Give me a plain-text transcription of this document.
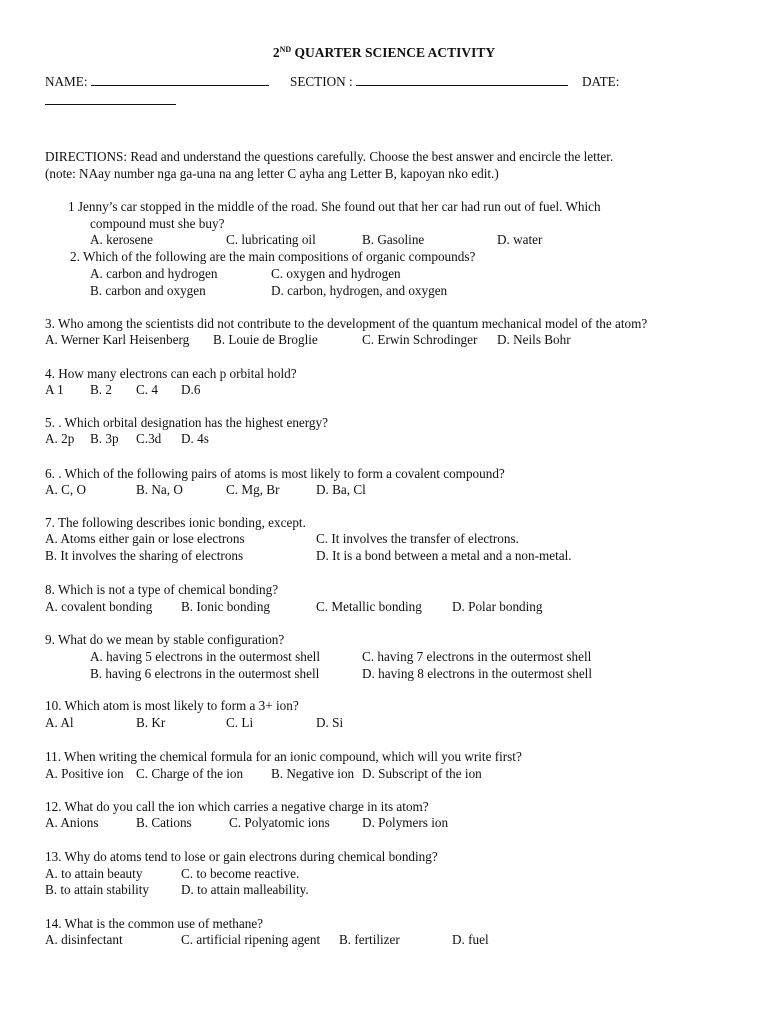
2ND QUARTER SCIENCE ACTIVITY
NAME:	SECTION :	DATE:
DIRECTIONS: Read and understand the questions carefully. Choose the best answer and encircle the letter.
(note: NAay number nga ga-una na ang letter C ayha ang Letter B, kapoyan nko edit.)
1 Jenny’s car stopped in the middle of the road. She found out that her car had run out of fuel. Which
compound must she buy?
A. kerosene	C. lubricating oil	B. Gasoline	D. water
2. Which of the following are the main compositions of organic compounds?
A. carbon and hydrogen	C. oxygen and hydrogen
B. carbon and oxygen	D. carbon, hydrogen, and oxygen
3. Who among the scientists did not contribute to the development of the quantum mechanical model of the atom?
A. Werner Karl Heisenberg B. Louie de Broglie	C. Erwin Schrodinger D. Neils Bohr
4. How many electrons can each p orbital hold?
A 1 B. 2 C. 4 D.6
5. . Which orbital designation has the highest energy?
A. 2p B. 3p C.3d D. 4s
6. . Which of the following pairs of atoms is most likely to form a covalent compound?
A. C, O	B. Na, O	C. Mg, Br	D. Ba, Cl
7. The following describes ionic bonding, except.
A. Atoms either gain or lose electrons	C. It involves the transfer of electrons.
B. It involves the sharing of electrons	D. It is a bond between a metal and a non-metal.
8. Which is not a type of chemical bonding?
A. covalent bonding B. Ionic bonding	C. Metallic bonding D. Polar bonding
9. What do we mean by stable configuration?
A. having 5 electrons in the outermost shell	C. having 7 electrons in the outermost shell
B. having 6 electrons in the outermost shell	D. having 8 electrons in the outermost shell
10. Which atom is most likely to form a 3+ ion?
A. Al	B. Kr	C. Li	D. Si
11. When writing the chemical formula for an ionic compound, which will you write first?
A. Positive ion C. Charge of the ion B. Negative ion D. Subscript of the ion
12. What do you call the ion which carries a negative charge in its atom?
A. Anions	B. Cations	C. Polyatomic ions D. Polymers ion
13. Why do atoms tend to lose or gain electrons during chemical bonding?
A. to attain beauty	C. to become reactive.
B. to attain stability D. to attain malleability.
14. What is the common use of methane?
A. disinfectant	C. artificial ripening agent B. fertilizer	D. fuel
